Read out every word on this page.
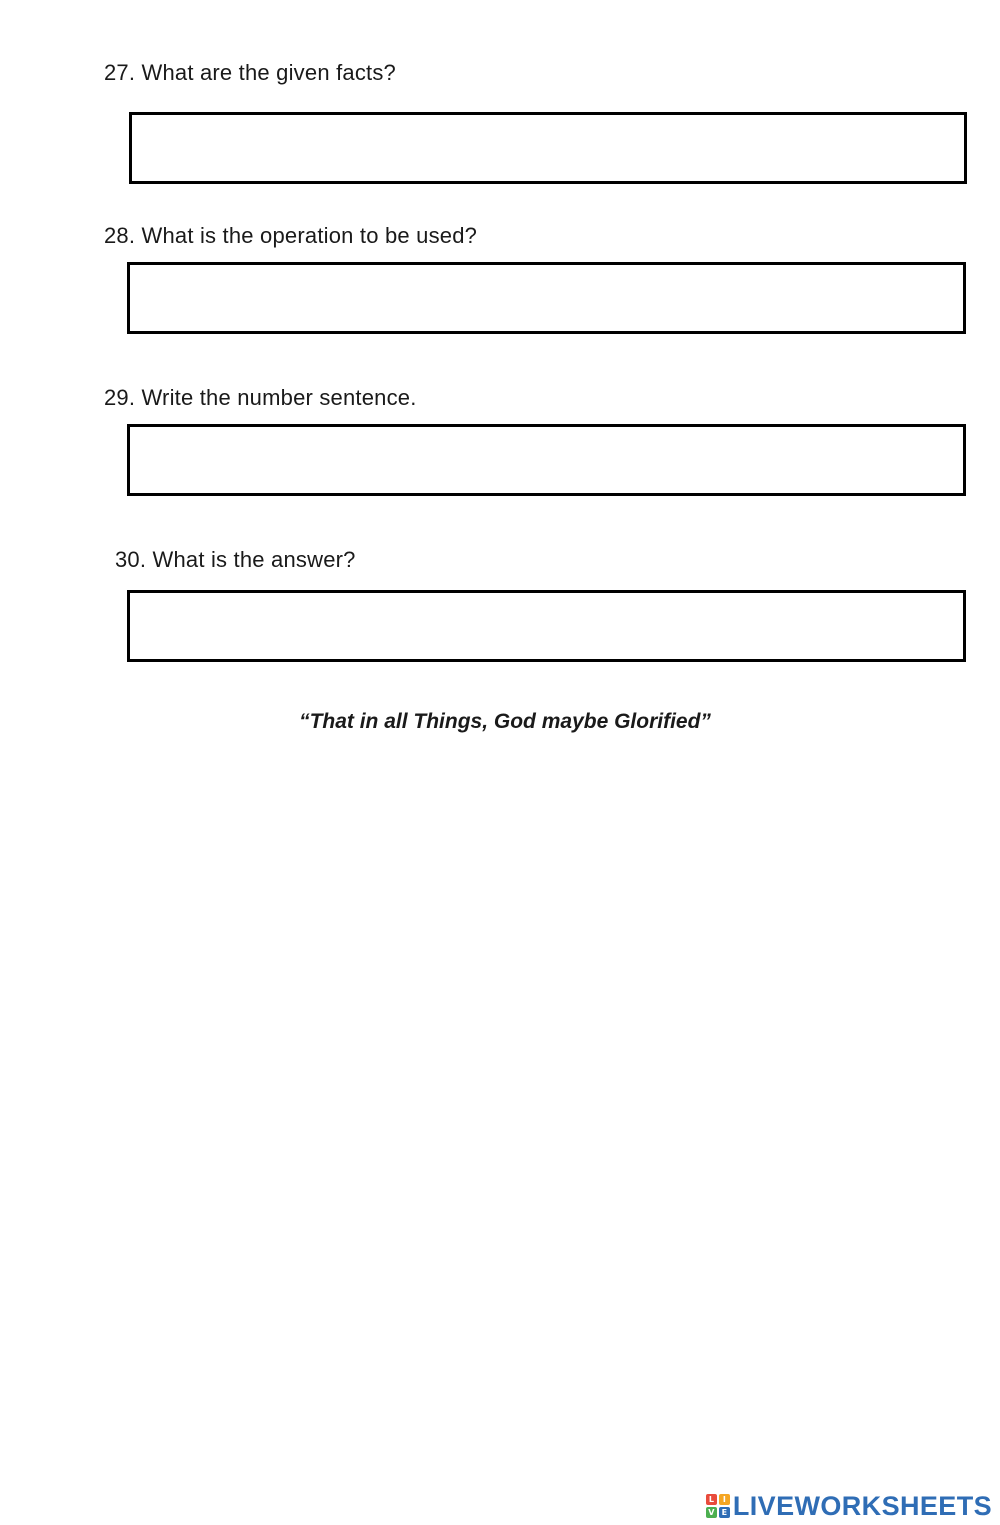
27. What are the given facts?
28. What is the operation to be used?
29. Write the number sentence.
30. What is the answer?
“That in all Things, God maybe Glorified”
L	I
V E LIVEWORKSHEETS
